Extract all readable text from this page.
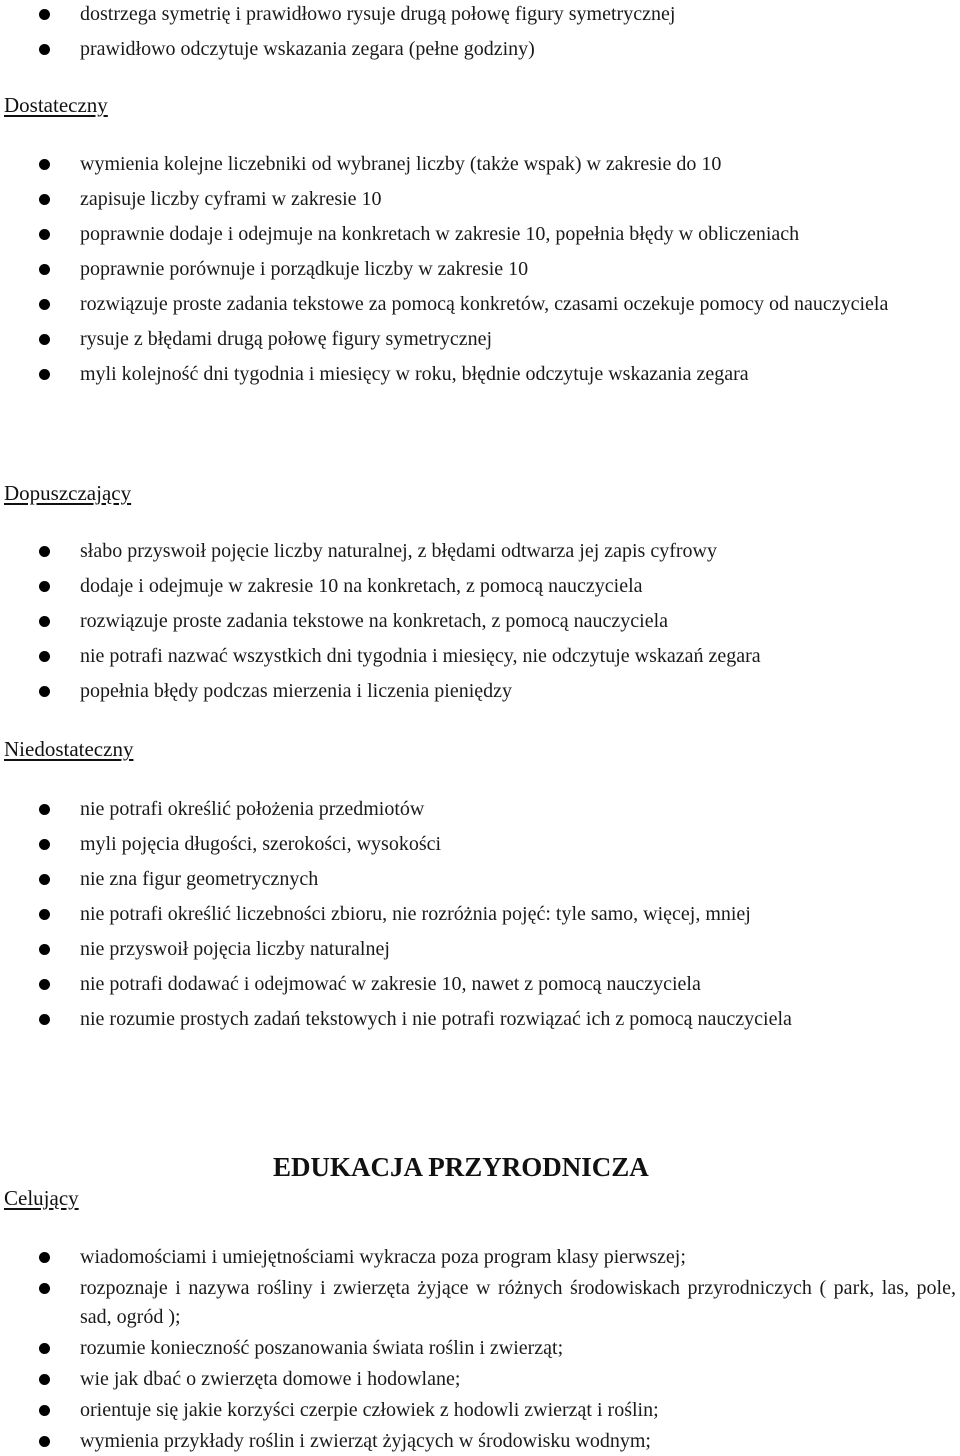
dostrzega symetrię i prawidłowo rysuje drugą połowę figury symetrycznej
prawidłowo odczytuje wskazania zegara (pełne godziny)
Dostateczny
wymienia kolejne liczebniki od wybranej liczby (także wspak) w zakresie do 10
zapisuje liczby cyframi w zakresie 10
poprawnie dodaje i odejmuje na konkretach w zakresie 10, popełnia błędy w obliczeniach
poprawnie porównuje i porządkuje liczby w zakresie 10
rozwiązuje proste zadania tekstowe za pomocą konkretów, czasami oczekuje pomocy od nauczyciela
rysuje z błędami drugą połowę figury symetrycznej
myli kolejność dni tygodnia i miesięcy w roku, błędnie odczytuje wskazania zegara
Dopuszczający
słabo przyswoił pojęcie liczby naturalnej, z błędami odtwarza jej zapis cyfrowy
dodaje i odejmuje w zakresie 10 na konkretach, z pomocą nauczyciela
rozwiązuje proste zadania tekstowe na konkretach, z pomocą nauczyciela
nie potrafi nazwać wszystkich dni tygodnia i miesięcy, nie odczytuje wskazań zegara
popełnia błędy podczas mierzenia i liczenia pieniędzy
Niedostateczny
nie potrafi określić położenia przedmiotów
myli pojęcia długości, szerokości, wysokości
nie zna figur geometrycznych
nie potrafi określić liczebności zbioru, nie rozróżnia pojęć: tyle samo, więcej, mniej
nie przyswoił pojęcia liczby naturalnej
nie potrafi dodawać i odejmować w zakresie 10, nawet z pomocą nauczyciela
nie rozumie prostych zadań tekstowych i nie potrafi rozwiązać ich z pomocą nauczyciela
EDUKACJA PRZYRODNICZA
Celujący
wiadomościami i umiejętnościami wykracza poza program klasy pierwszej;
rozpoznaje i nazywa rośliny i zwierzęta żyjące w różnych środowiskach przyrodniczych ( park, las, pole, sad, ogród );
rozumie konieczność poszanowania świata roślin i zwierząt;
wie jak dbać o zwierzęta domowe i hodowlane;
orientuje się jakie korzyści czerpie człowiek z hodowli zwierząt i roślin;
wymienia przykłady roślin i zwierząt żyjących w środowisku wodnym;
